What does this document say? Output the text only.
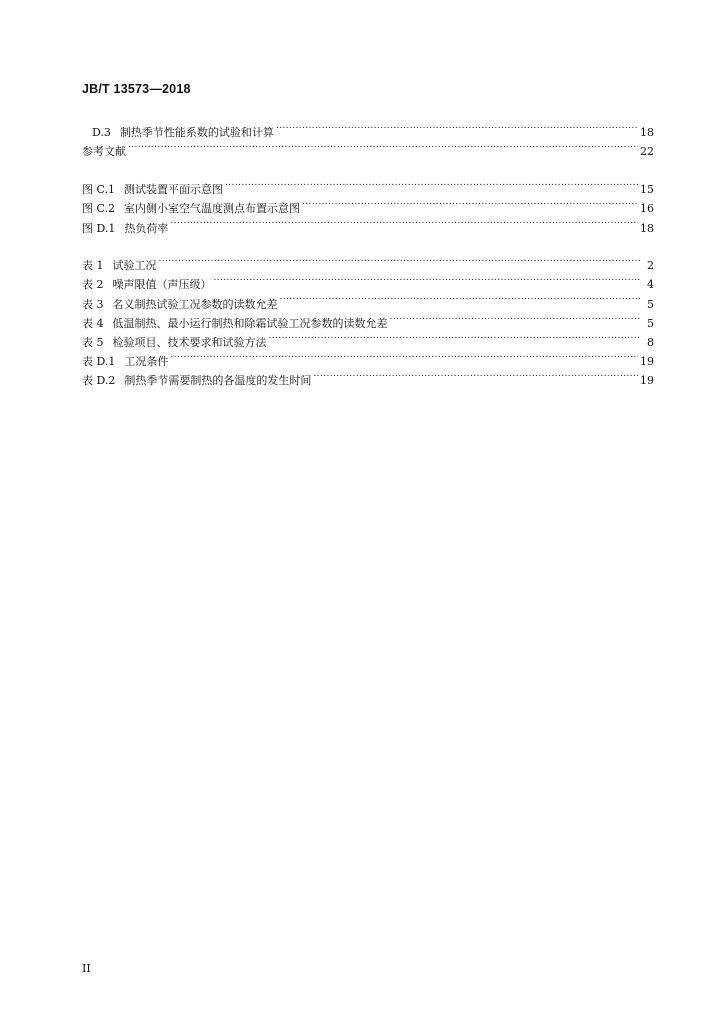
JB/T 13573—2018
D.3 制热季节性能系数的试验和计算 .....	18
参考文献 .....	22
图 C.1 测试装置平面示意图 .....	15
图 C.2 室内侧小室空气温度测点布置示意图 .....	16
图 D.1 热负荷率 .....	18
表 1 试验工况 .....	2
表 2 噪声限值（声压级） .....	4
表 3 名义制热试验工况参数的读数允差 .....	5
表 4 低温制热、最小运行制热和除霜试验工况参数的读数允差 .....	5
表 5 检验项目、技术要求和试验方法 .....	8
表 D.1 工况条件 .....	19
表 D.2 制热季节需要制热的各温度的发生时间 .....	19
II
